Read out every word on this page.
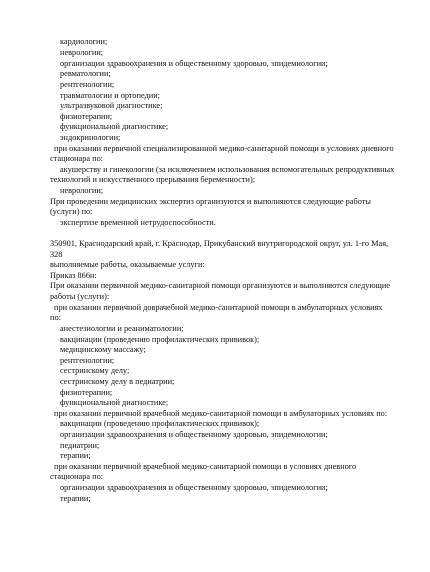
кардиологии;
неврологии;
организации здравоохранения и общественному здоровью, эпидемиологии;
ревматологии;
рентгенологии;
травматологии и ортопедии;
ультразвуковой диагностике;
физиотерапии;
функциональной диагностике;
эндокринологии;
при оказании первичной специализированной медико-санитарной помощи в условиях дневного
стационара по:
акушерству и гинекологии (за исключением использования вспомогательных репродуктивных
технологий и искусственного прерывания беременности);
неврологии;
При проведении медицинских экспертиз организуются и выполняются следующие работы
(услуги) по:
экспертизе временной нетрудоспособности.
350901, Краснодарский край, г. Краснодар, Прикубанский внутригородской округ, ул. 1-го Мая,
328
выполняемые работы, оказываемые услуги:
Приказ 866н:
При оказании первичной медико-санитарной помощи организуются и выполняются следующие
работы (услуги):
при оказании первичной доврачебной медико-санитарной помощи в амбулаторных условиях
по:
анестезиологии и реаниматологии;
вакцинации (проведению профилактических прививок);
медицинскому массажу;
рентгенологии;
сестринскому делу;
сестринскому делу в педиатрии;
физиотерапии;
функциональной диагностике;
при оказании первичной врачебной медико-санитарной помощи в амбулаторных условиях по:
вакцинации (проведению профилактических прививок);
организации здравоохранения и общественному здоровью, эпидемиологии;
педиатрии;
терапии;
при оказании первичной врачебной медико-санитарной помощи в условиях дневного
стационара по:
организации здравоохранения и общественному здоровью, эпидемиологии;
терапии;
